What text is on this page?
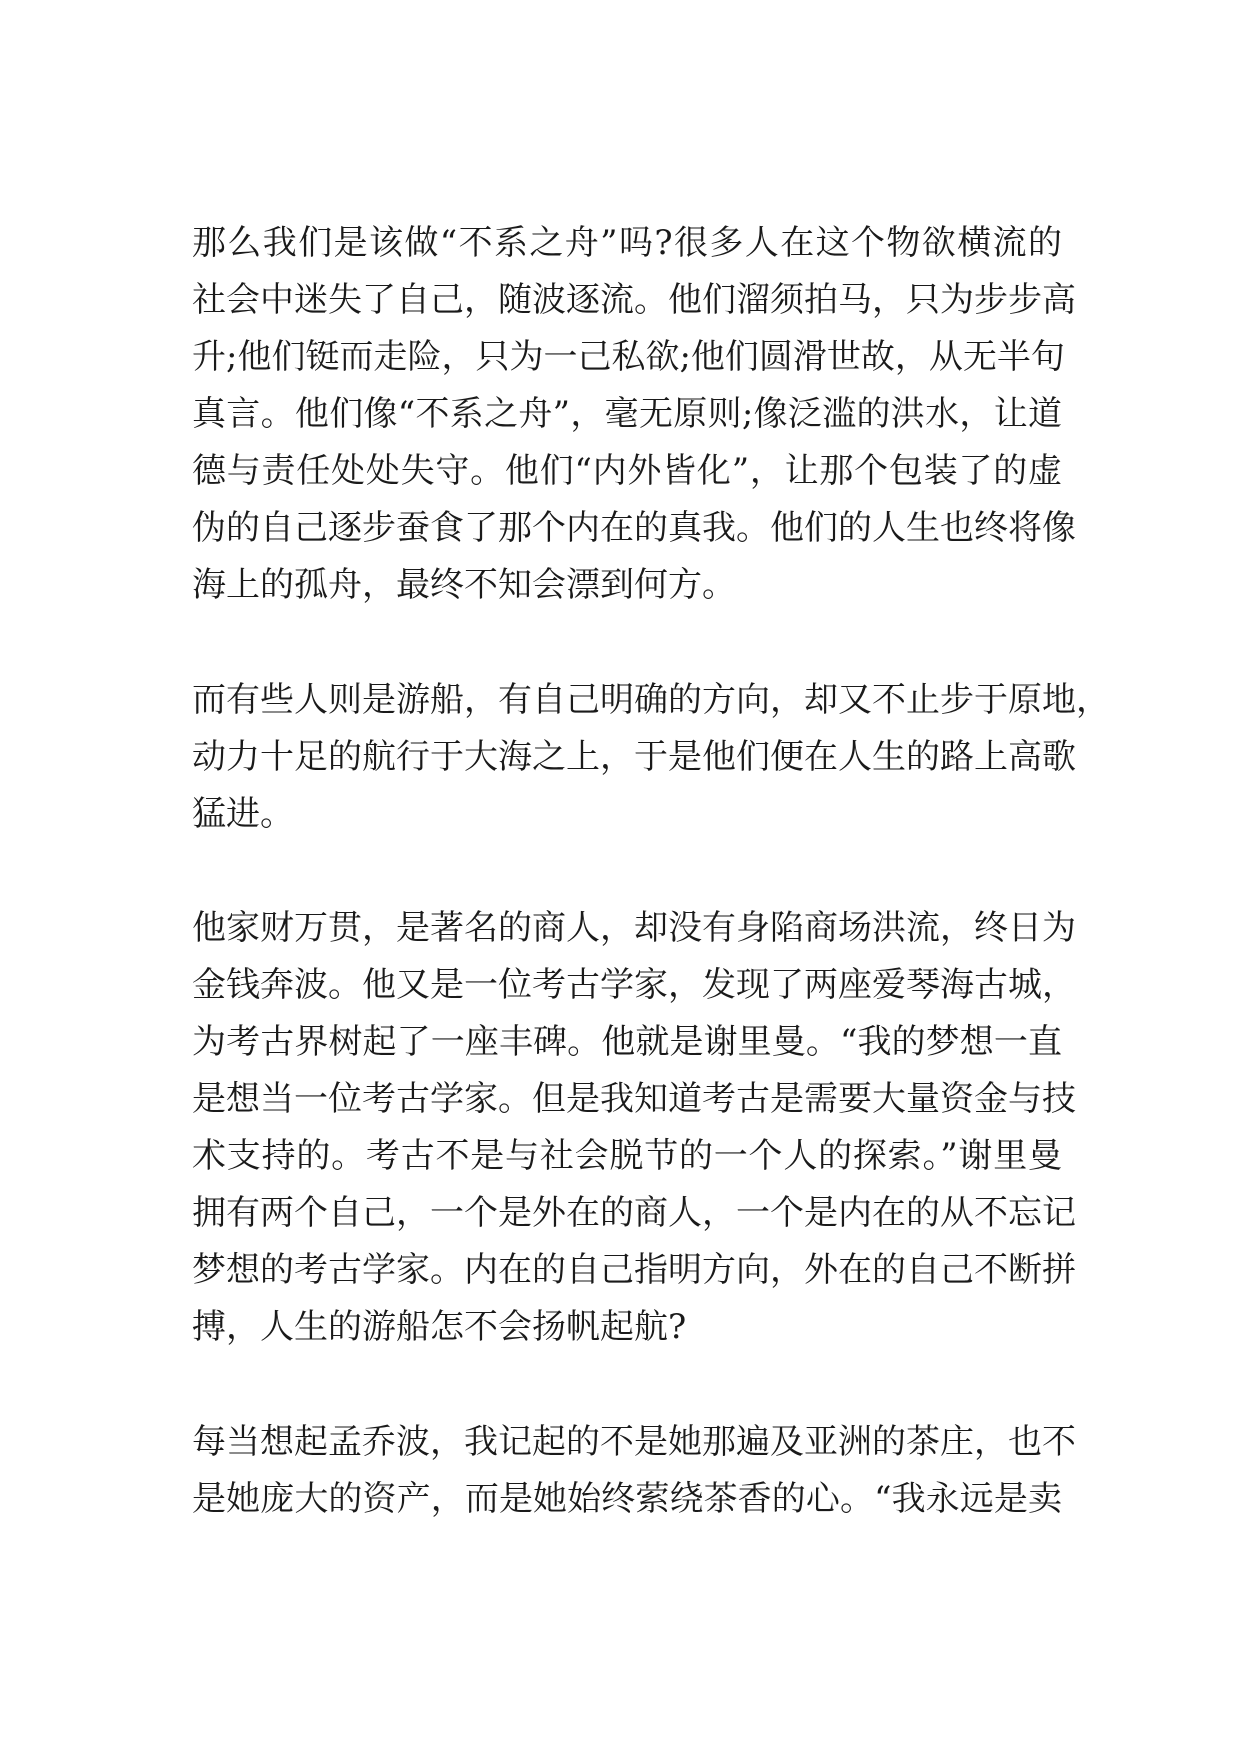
那么我们是该做“不系之舟”吗?很多人在这个物欲横流的
社会中迷失了自己，随波逐流。他们溜须拍马，只为步步高
升;他们铤而走险，只为一己私欲;他们圆滑世故，从无半句
真言。他们像“不系之舟”，毫无原则;像泛滥的洪水，让道
德与责任处处失守。他们“内外皆化”，让那个包装了的虚
伪的自己逐步蚕食了那个内在的真我。他们的人生也终将像
海上的孤舟，最终不知会漂到何方。
而有些人则是游船，有自己明确的方向，却又不止步于原地，
动力十足的航行于大海之上，于是他们便在人生的路上高歌
猛进。
他家财万贯，是著名的商人，却没有身陷商场洪流，终日为
金钱奔波。他又是一位考古学家，发现了两座爱琴海古城，
为考古界树起了一座丰碑。他就是谢里曼。“我的梦想一直
是想当一位考古学家。但是我知道考古是需要大量资金与技
术支持的。考古不是与社会脱节的一个人的探索。”谢里曼
拥有两个自己，一个是外在的商人，一个是内在的从不忘记
梦想的考古学家。内在的自己指明方向，外在的自己不断拼
搏，人生的游船怎不会扬帆起航?
每当想起孟乔波，我记起的不是她那遍及亚洲的茶庄，也不
是她庞大的资产，而是她始终萦绕茶香的心。“我永远是卖
